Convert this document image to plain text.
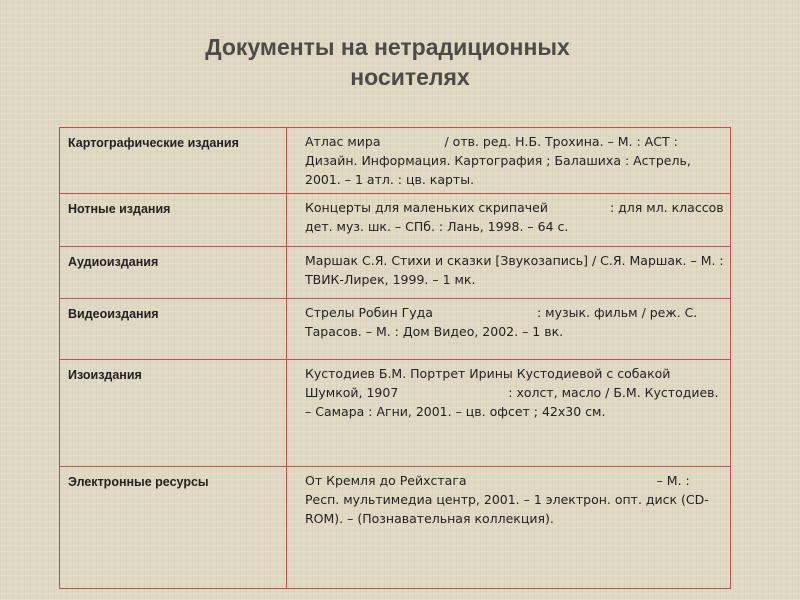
Документы на нетрадиционных
носителях
Картографические издания	Атлас мира / отв. ред. Н.Б. Трохина. – М. : АСТ : Дизайн. Информация. Картография ; Балашиха : Астрель, 2001. – 1 атл. : цв. карты.

Нотные издания	Концерты для маленьких скрипачей : для мл. классов дет. муз. шк. – СПб. : Лань, 1998. – 64 с.

Аудиоиздания	Маршак С.Я. Стихи и сказки [Звукозапись] / С.Я. Маршак. – М. : ТВИК-Лирек, 1999. – 1 мк.

Видеоиздания	Стрелы Робин Гуда : музык. фильм / реж. С. Тарасов. – М. : Дом Видео, 2002. – 1 вк.

Изоиздания	Кустодиев Б.М. Портрет Ирины Кустодиевой с собакой Шумкой, 1907 : холст, масло / Б.М. Кустодиев. – Самара : Агни, 2001. – цв. офсет ; 42х30 см.

Электронные ресурсы	От Кремля до Рейхстага – М. : Респ. мультимедиа центр, 2001. – 1 электрон. опт. диск (CD-ROM). – (Познавательная коллекция).
